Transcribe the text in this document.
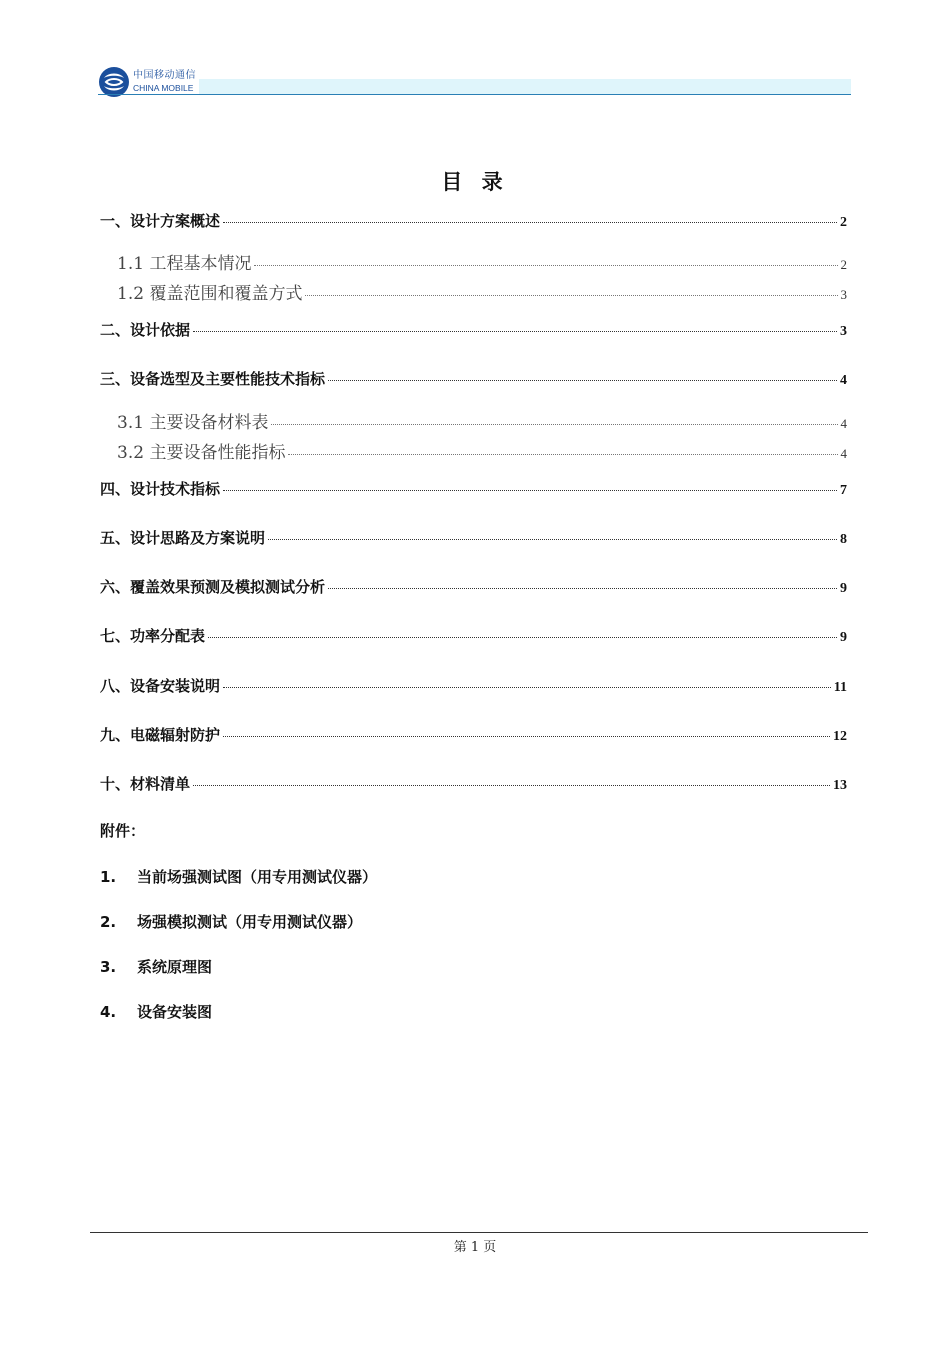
中国移动通信
CHINA MOBILE
目 录
一、设计方案概述	2
1.1 工程基本情况	2
1.2 覆盖范围和覆盖方式	3
二、设计依据	3
三、设备选型及主要性能技术指标	4
3.1 主要设备材料表	4
3.2 主要设备性能指标	4
四、设计技术指标	7
五、设计思路及方案说明	8
六、覆盖效果预测及模拟测试分析	9
七、功率分配表	9
八、设备安装说明	11
九、电磁辐射防护	12
十、材料清单	13
附件：
1. 当前场强测试图（用专用测试仪器）
2. 场强模拟测试（用专用测试仪器）
3. 系统原理图
4. 设备安装图
第 1 页
